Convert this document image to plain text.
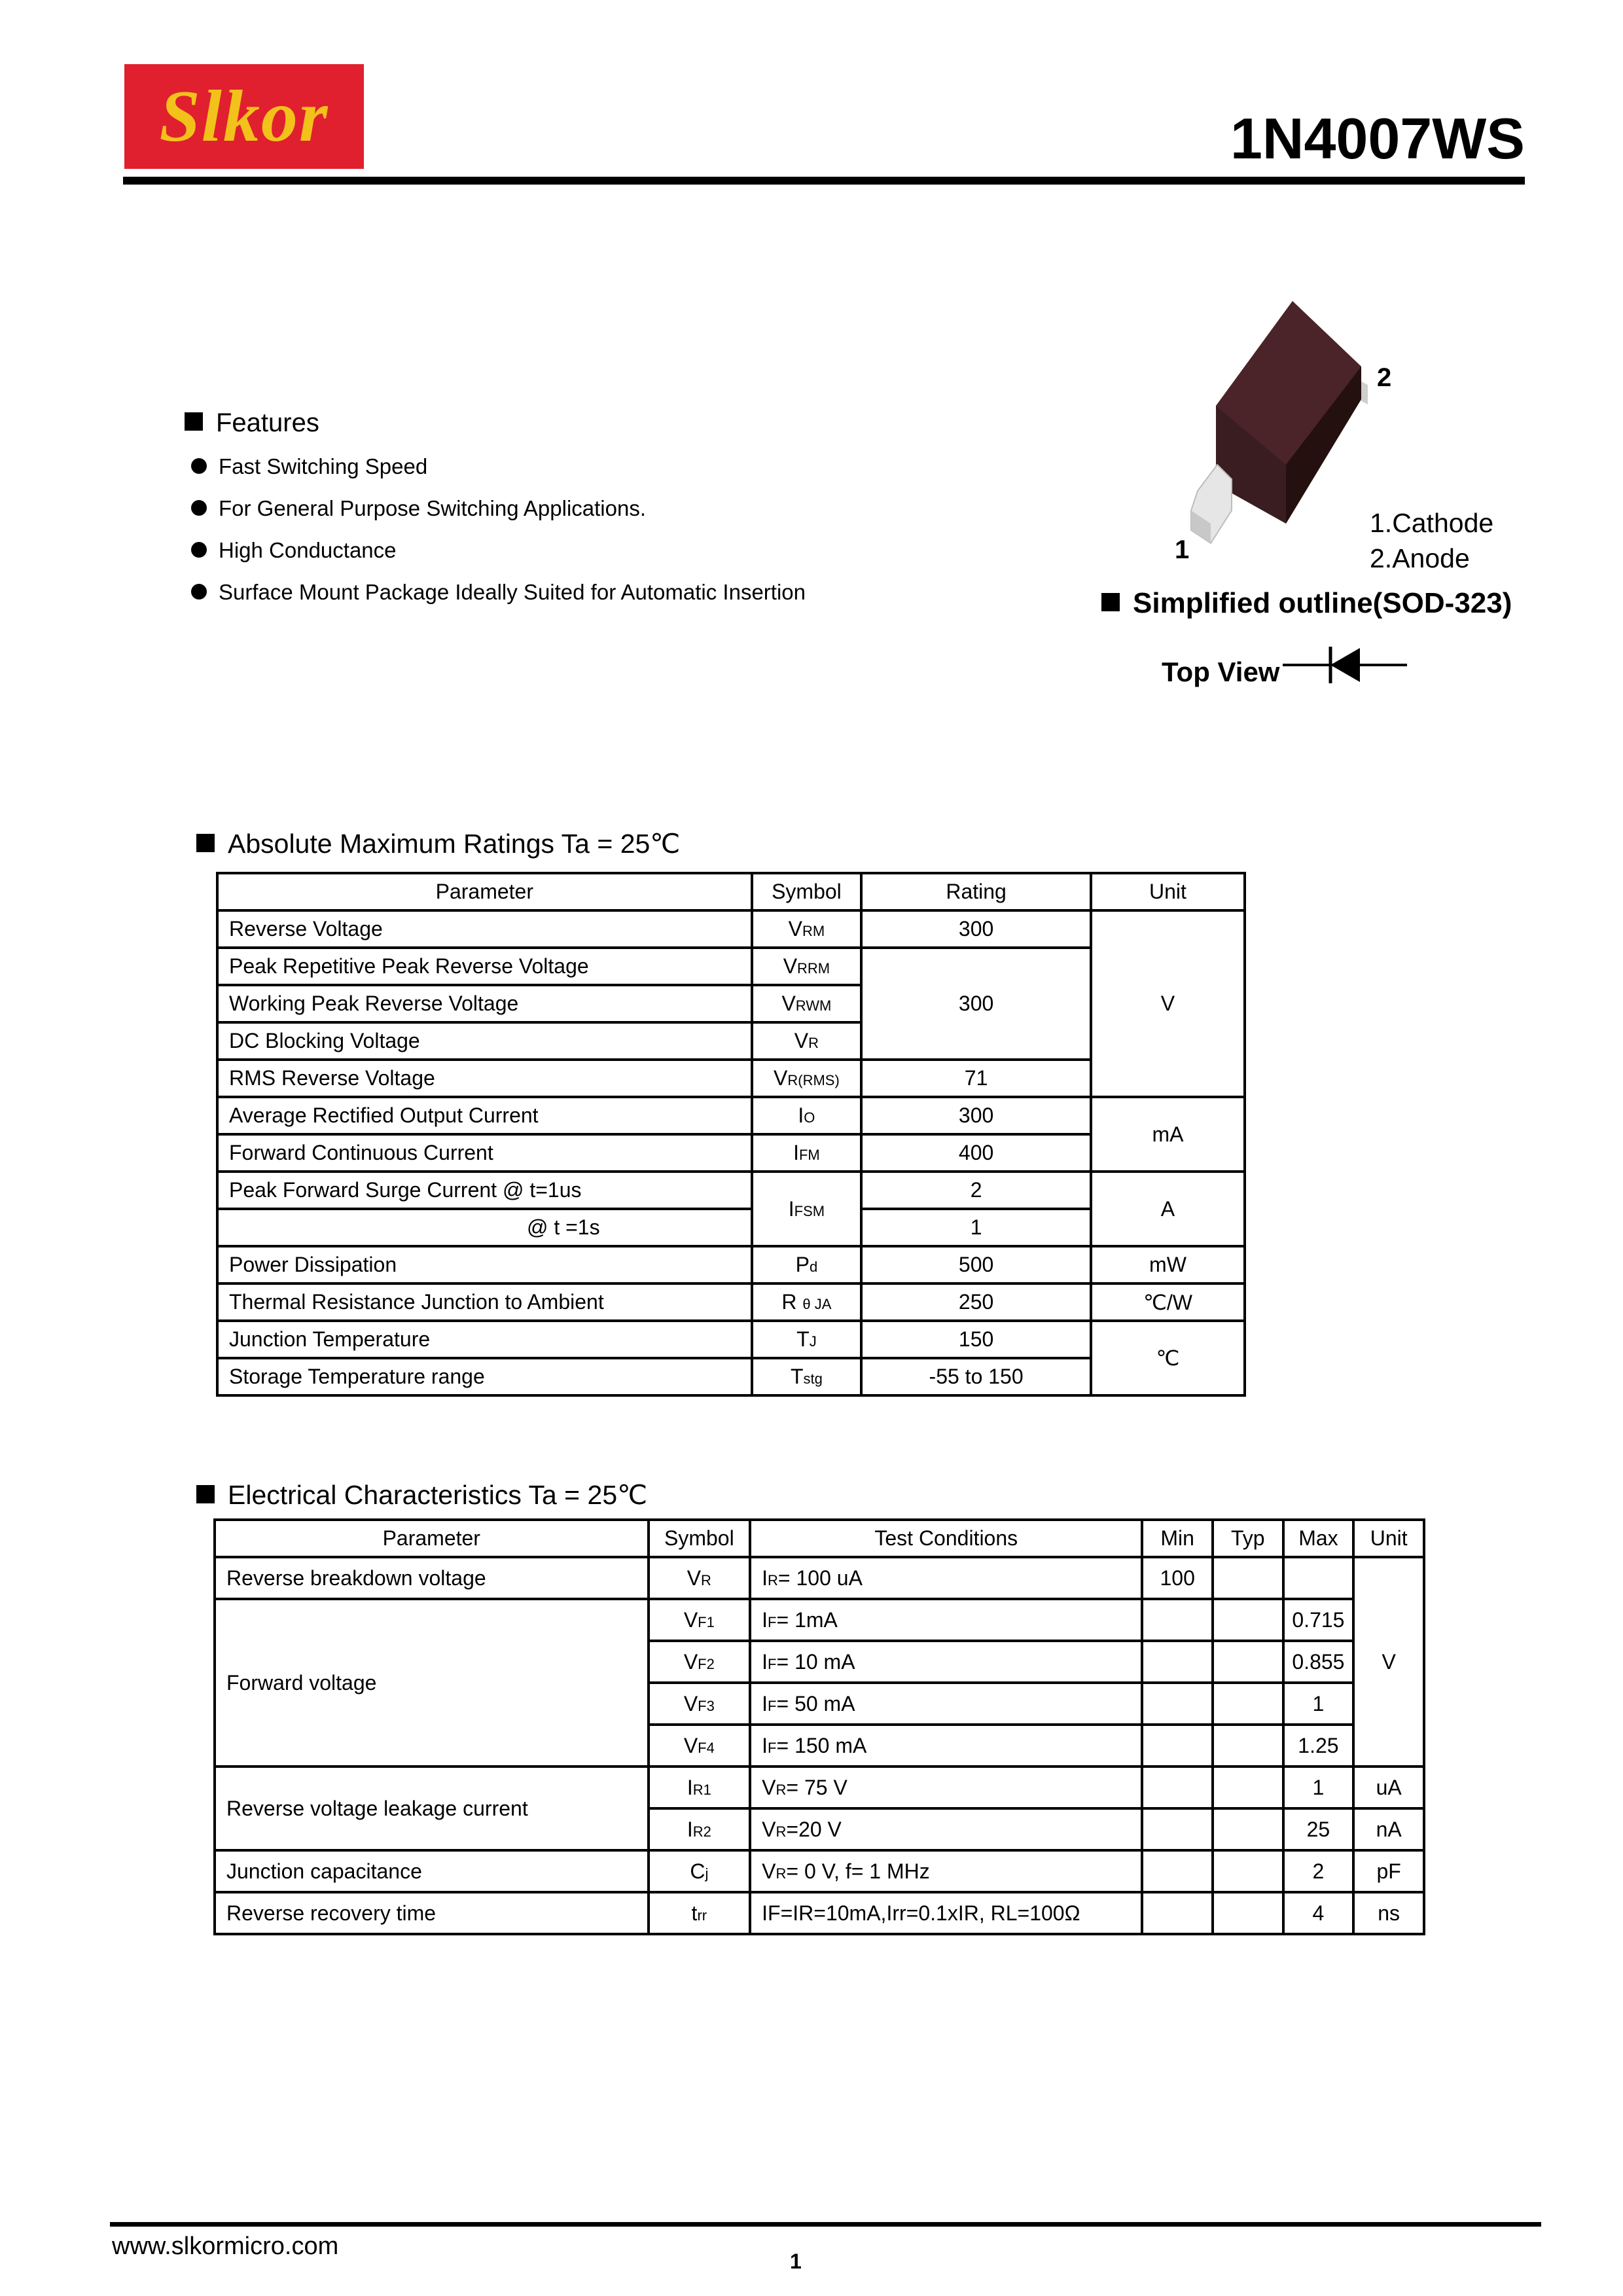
Slkor	1N4007WS
Features
Fast Switching Speed
For General Purpose Switching Applications.
High Conductance
Surface Mount Package Ideally Suited for Automatic Insertion
2
1
1.Cathode
2.Anode
Simplified outline(SOD-323)
Top View
Absolute Maximum Ratings Ta = 25℃
Parameter	Symbol	Rating	Unit
Reverse Voltage	VRM	300	V
Peak Repetitive Peak Reverse Voltage	VRRM	300	
Working Peak Reverse Voltage	VRWM		
DC Blocking Voltage	VR		
RMS Reverse Voltage	VR(RMS)	71	
Average Rectified Output Current	IO	300	mA
Forward Continuous Current	IFM	400	
Peak Forward Surge Current @ t=1us	IFSM	2	A
@ t =1s		1	
Power Dissipation	Pd	500	mW
Thermal Resistance Junction to Ambient	R θ JA	250	℃/W
Junction Temperature	TJ	150	℃
Storage Temperature range	Tstg	-55 to 150	
Electrical Characteristics Ta = 25℃
Parameter	Symbol	Test Conditions	Min	Typ	Max	Unit
Reverse breakdown voltage	VR	IR= 100 uA	100			V
Forward voltage	VF1	IF= 1mA			0.715	
	VF2	IF= 10 mA			0.855	
	VF3	IF= 50 mA			1	
	VF4	IF= 150 mA			1.25	
Reverse voltage leakage current	IR1	VR= 75 V			1	uA
	IR2	VR=20 V			25	nA
Junction capacitance	Cj	VR= 0 V, f= 1 MHz			2	pF
Reverse recovery time	trr	IF=IR=10mA,Irr=0.1xIR, RL=100Ω			4	ns
www.slkormicro.com
1
